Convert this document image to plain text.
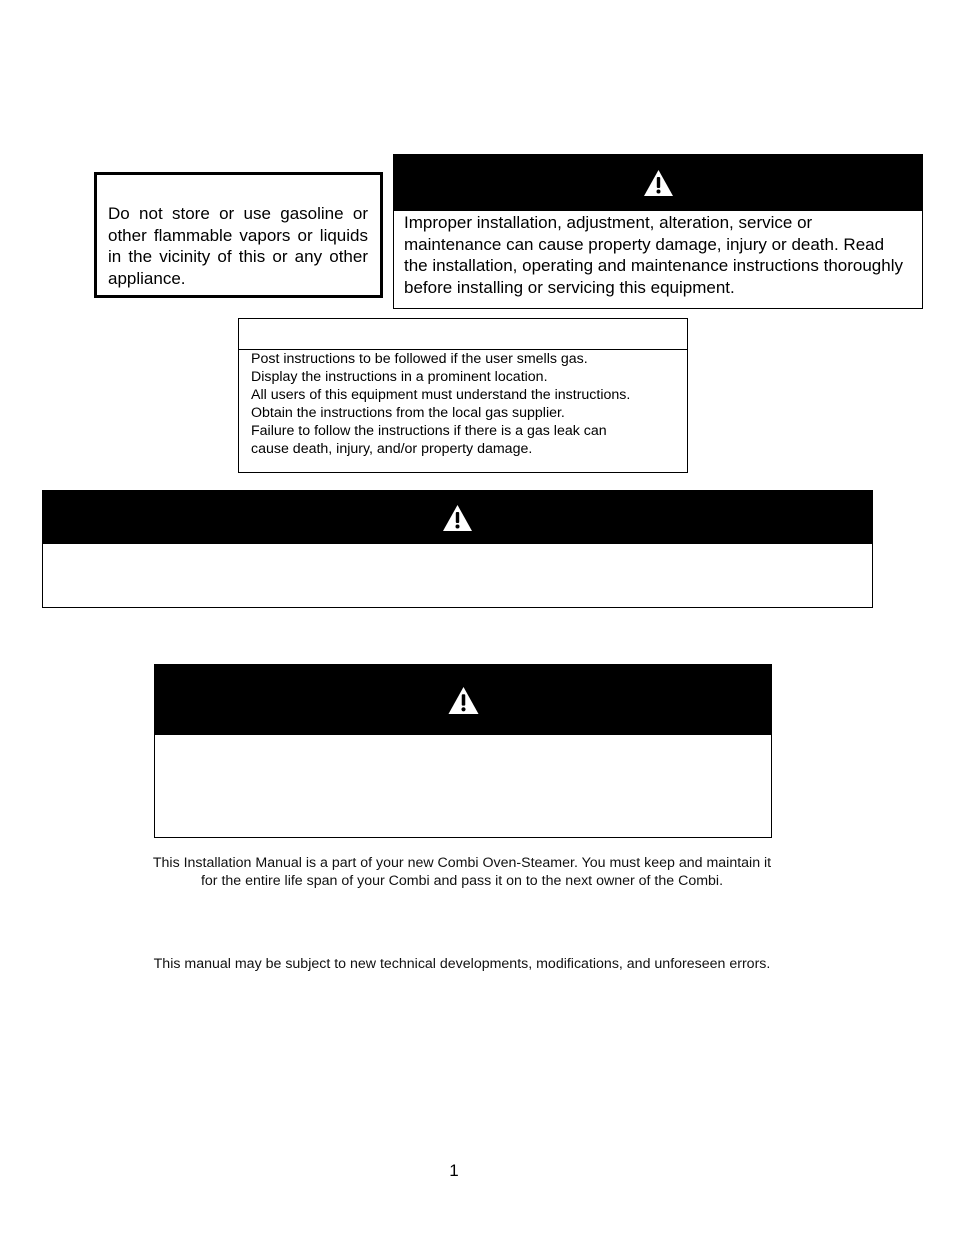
Do not store or use gasoline or other flammable vapors or liquids in the vicinity of this or any other appliance.
Improper installation, adjustment, alteration, service or maintenance can cause property damage, injury or death. Read the installation, operating and maintenance instructions thoroughly before installing or servicing this equipment.
Post instructions to be followed if the user smells gas.
Display the instructions in a prominent location.
All users of this equipment must understand the instructions.
Obtain the instructions from the local gas supplier.
Failure to follow the instructions if there is a gas leak can
cause death, injury, and/or property damage.
This Installation Manual is a part of your new Combi Oven-Steamer. You must keep and maintain it
for the entire life span of your Combi and pass it on to the next owner of the Combi.
This manual may be subject to new technical developments, modifications, and unforeseen errors.
1
